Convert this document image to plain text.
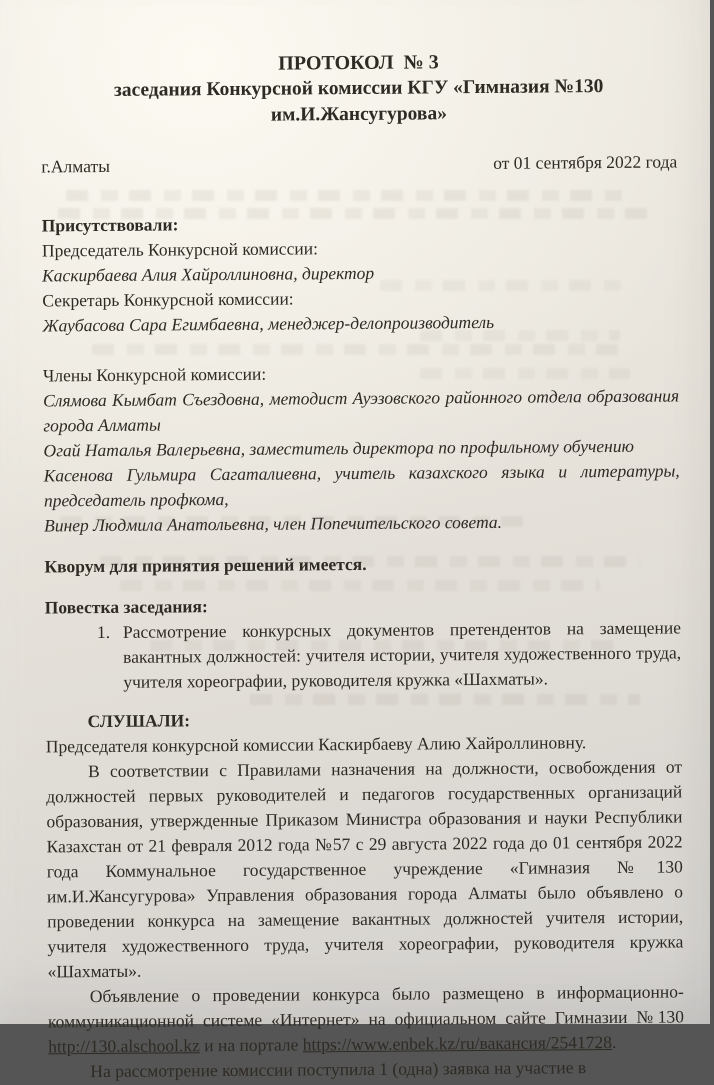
ПРОТОКОЛ  № 3
заседания Конкурсной комиссии КГУ «Гимназия №130
им.И.Жансугурова»
г.Алматы	от 01 сентября 2022 года

Присутствовали:

Председатель Конкурсной комиссии:

Каскирбаева Алия Хайроллиновна, директор

Секретарь Конкурсной комиссии:

Жаубасова Сара Егимбаевна, менеджер-делопроизводитель

Члены Конкурсной комиссии:

Слямова Кымбат Съездовна, методист Ауэзовского районного отдела образования города Алматы

Огай Наталья Валерьевна, заместитель директора по профильному обучению

Касенова Гульмира Сагаталиевна, учитель казахского языка и литературы, председатель профкома,

Винер Людмила Анатольевна, член Попечительского совета.

Кворум для принятия решений имеется.

Повестка заседания:

1. Рассмотрение конкурсных документов претендентов на замещение вакантных должностей: учителя истории, учителя художественного труда, учителя хореографии, руководителя кружка «Шахматы».

СЛУШАЛИ:

Председателя конкурсной комиссии Каскирбаеву Алию Хайроллиновну.

В соответствии с Правилами назначения на должности, освобождения от должностей первых руководителей и педагогов государственных организаций образования, утвержденные Приказом Министра образования и науки Республики Казахстан от 21 февраля 2012 года №57 с 29 августа 2022 года до 01 сентября 2022 года Коммунальное государственное учреждение «Гимназия №130 им.И.Жансугурова» Управления образования города Алматы было объявлено о проведении конкурса на замещение вакантных должностей учителя истории, учителя художественного труда, учителя хореографии, руководителя кружка «Шахматы».

Объявление о проведении конкурса было размещено в информационно-коммуникационной системе «Интернет» на официальном сайте Гимназии №130 http://130.alschool.kz и на портале https://www.enbek.kz/ru/вакансия/2541728.

На рассмотрение комиссии поступила 1 (одна) заявка на участие в
